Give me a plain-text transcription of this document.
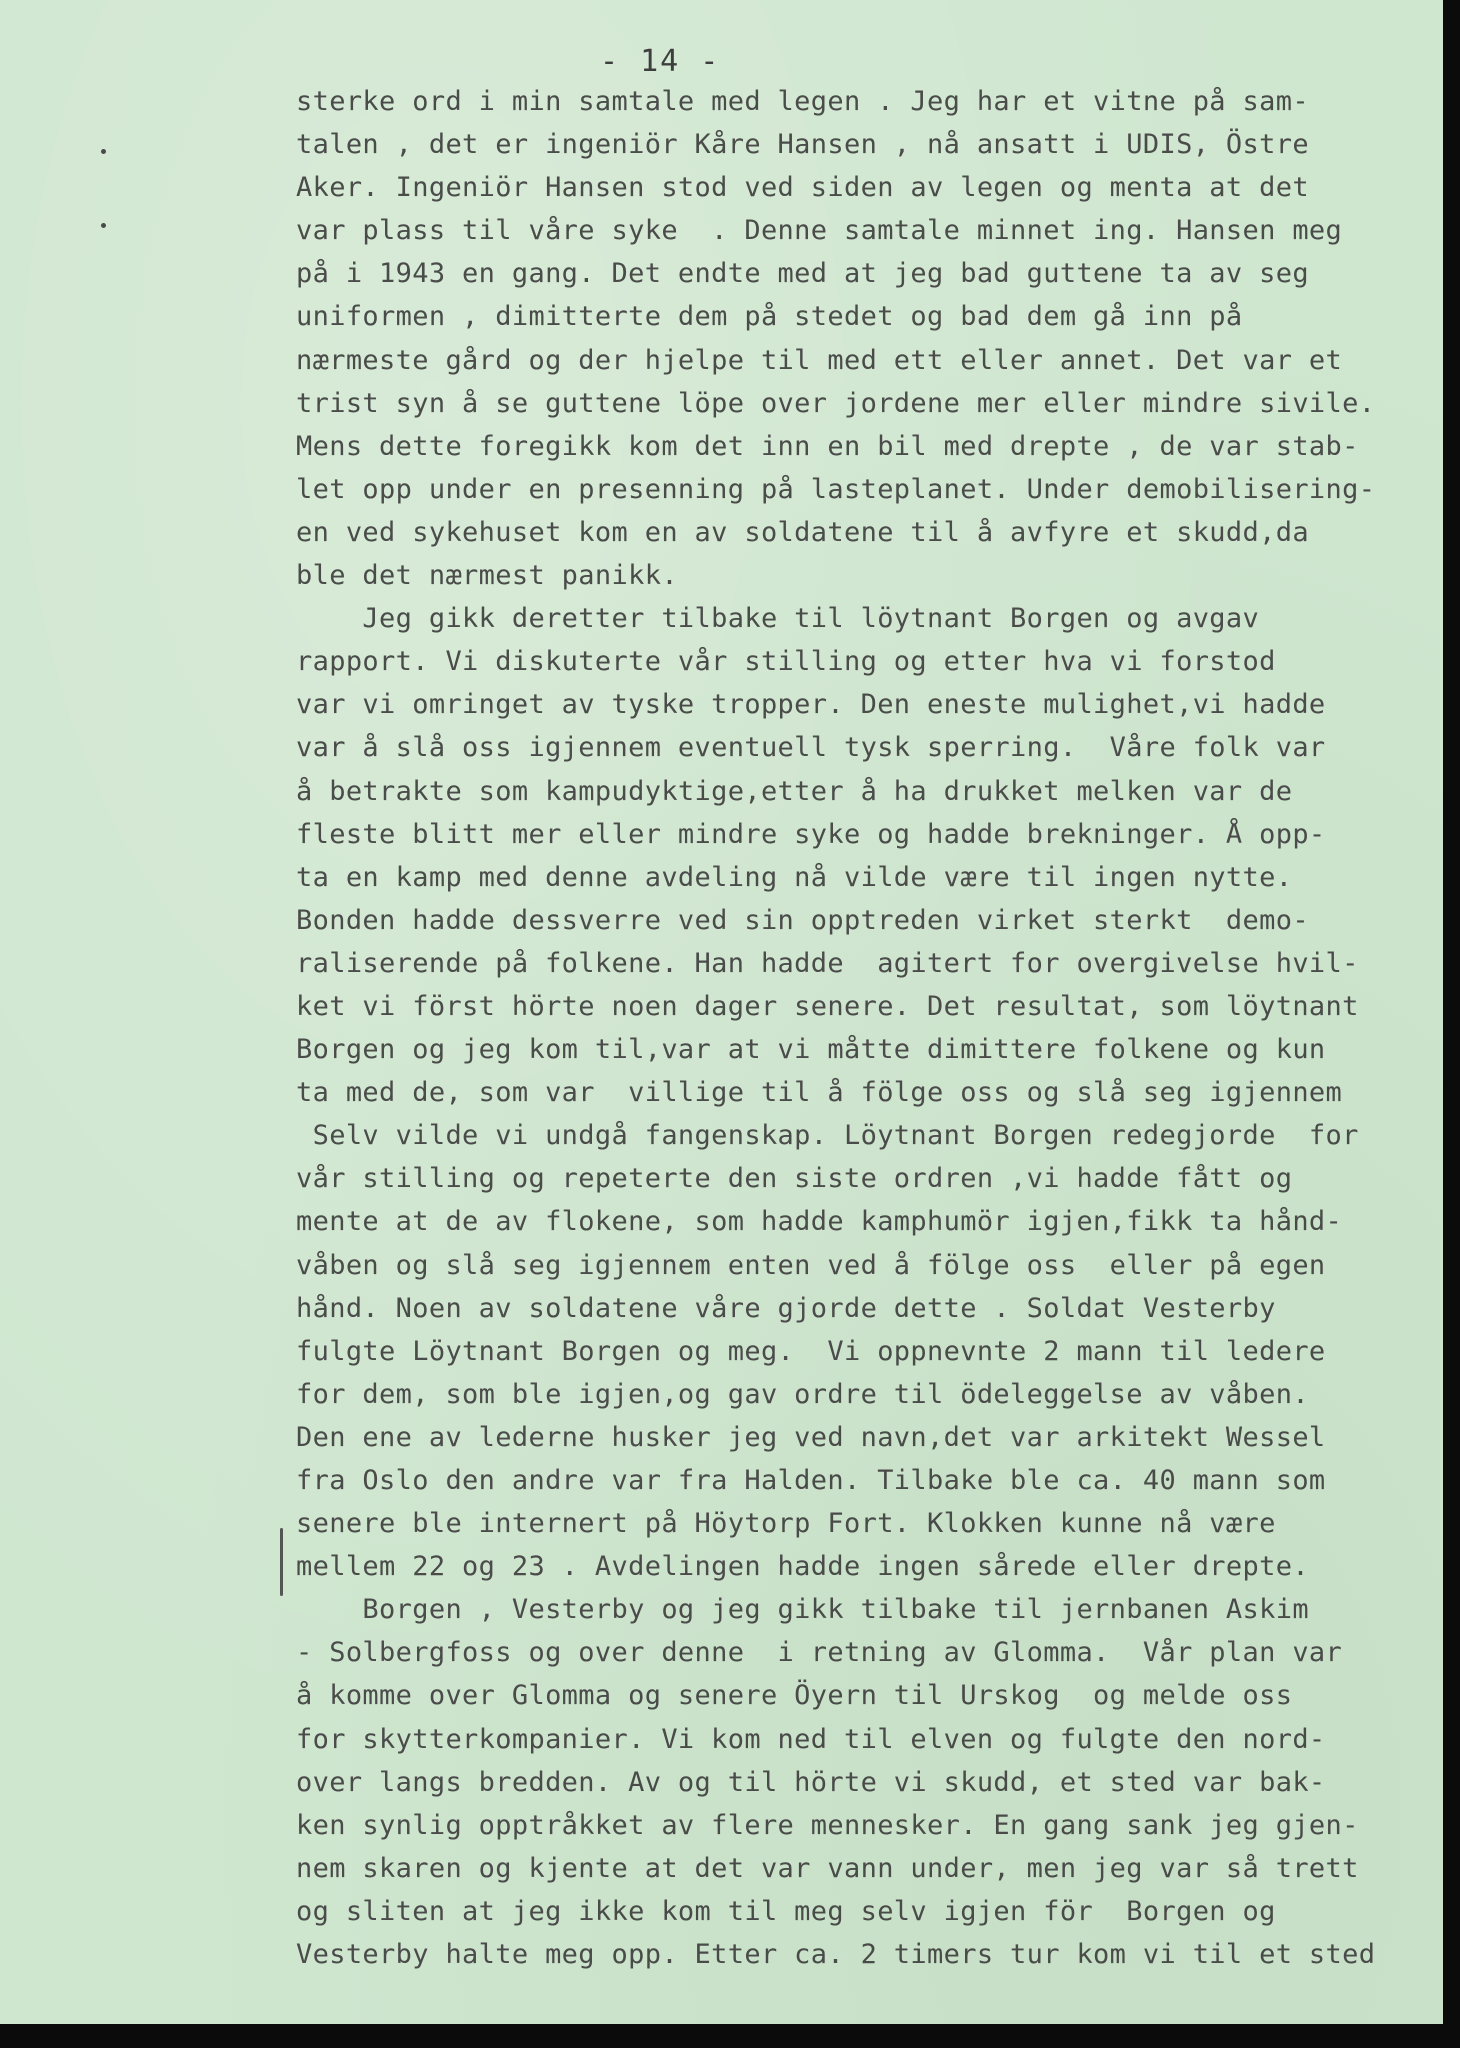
- 14 -
sterke ord i min samtale med legen . Jeg har et vitne på sam-
talen , det er ingeniör Kåre Hansen , nå ansatt i UDIS, Östre
Aker. Ingeniör Hansen stod ved siden av legen og menta at det
var plass til våre syke  . Denne samtale minnet ing. Hansen meg
på i 1943 en gang. Det endte med at jeg bad guttene ta av seg
uniformen , dimitterte dem på stedet og bad dem gå inn på
nærmeste gård og der hjelpe til med ett eller annet. Det var et
trist syn å se guttene löpe over jordene mer eller mindre sivile.
Mens dette foregikk kom det inn en bil med drepte , de var stab-
let opp under en presenning på lasteplanet. Under demobilisering-
en ved sykehuset kom en av soldatene til å avfyre et skudd,da
ble det nærmest panikk.
Jeg gikk deretter tilbake til löytnant Borgen og avgav
rapport. Vi diskuterte vår stilling og etter hva vi forstod
var vi omringet av tyske tropper. Den eneste mulighet,vi hadde
var å slå oss igjennem eventuell tysk sperring.  Våre folk var
å betrakte som kampudyktige,etter å ha drukket melken var de
fleste blitt mer eller mindre syke og hadde brekninger. Å opp-
ta en kamp med denne avdeling nå vilde være til ingen nytte.
Bonden hadde dessverre ved sin opptreden virket sterkt  demo-
raliserende på folkene. Han hadde  agitert for overgivelse hvil-
ket vi först hörte noen dager senere. Det resultat, som löytnant
Borgen og jeg kom til,var at vi måtte dimittere folkene og kun
ta med de, som var  villige til å fölge oss og slå seg igjennem
Selv vilde vi undgå fangenskap. Löytnant Borgen redegjorde  for
vår stilling og repeterte den siste ordren ,vi hadde fått og
mente at de av flokene, som hadde kamphumör igjen,fikk ta hånd-
våben og slå seg igjennem enten ved å fölge oss  eller på egen
hånd. Noen av soldatene våre gjorde dette . Soldat Vesterby
fulgte Löytnant Borgen og meg.  Vi oppnevnte 2 mann til ledere
for dem, som ble igjen,og gav ordre til ödeleggelse av våben.
Den ene av lederne husker jeg ved navn,det var arkitekt Wessel
fra Oslo den andre var fra Halden. Tilbake ble ca. 40 mann som
senere ble internert på Höytorp Fort. Klokken kunne nå være
mellem 22 og 23 . Avdelingen hadde ingen sårede eller drepte.
Borgen , Vesterby og jeg gikk tilbake til jernbanen Askim
- Solbergfoss og over denne  i retning av Glomma.  Vår plan var
å komme over Glomma og senere Öyern til Urskog  og melde oss
for skytterkompanier. Vi kom ned til elven og fulgte den nord-
over langs bredden. Av og til hörte vi skudd, et sted var bak-
ken synlig opptråkket av flere mennesker. En gang sank jeg gjen-
nem skaren og kjente at det var vann under, men jeg var så trett
og sliten at jeg ikke kom til meg selv igjen för  Borgen og
Vesterby halte meg opp. Etter ca. 2 timers tur kom vi til et sted
